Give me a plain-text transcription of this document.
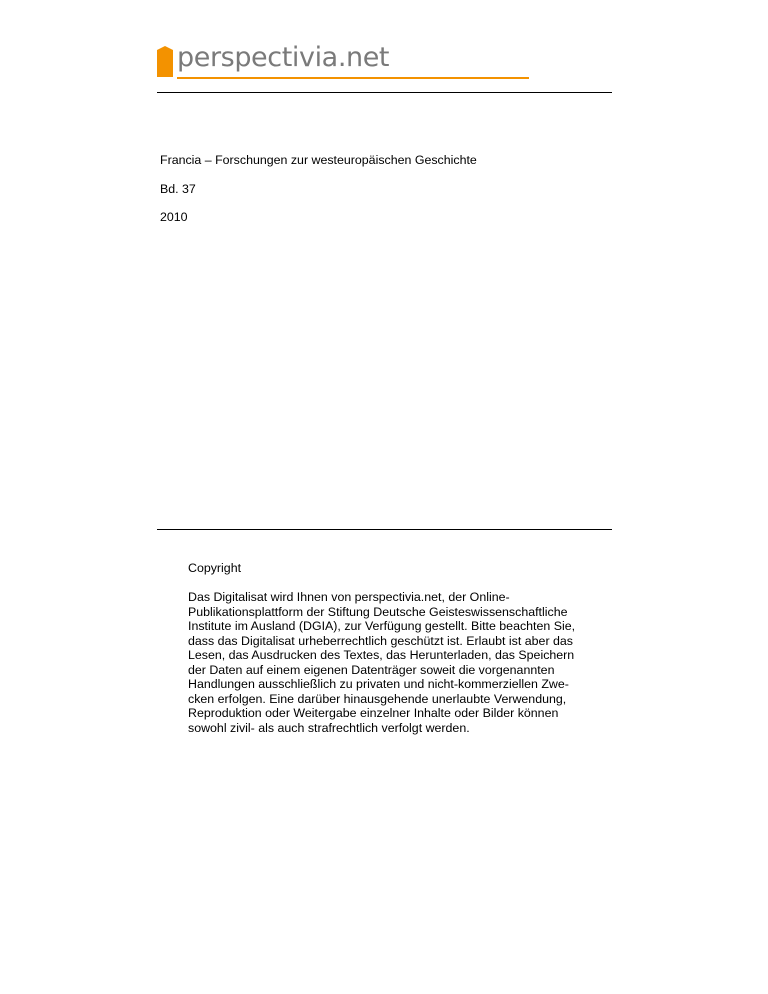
perspectivia.net
Francia – Forschungen zur westeuropäischen Geschichte
Bd. 37
2010
Copyright
Das Digitalisat wird Ihnen von perspectivia.net, der Online-
Publikationsplattform der Stiftung Deutsche Geisteswissenschaftliche
Institute im Ausland (DGIA), zur Verfügung gestellt. Bitte beachten Sie,
dass das Digitalisat urheberrechtlich geschützt ist. Erlaubt ist aber das
Lesen, das Ausdrucken des Textes, das Herunterladen, das Speichern
der Daten auf einem eigenen Datenträger soweit die vorgenannten
Handlungen ausschließlich zu privaten und nicht-kommerziellen Zwe-
cken erfolgen. Eine darüber hinausgehende unerlaubte Verwendung,
Reproduktion oder Weitergabe einzelner Inhalte oder Bilder können
sowohl zivil- als auch strafrechtlich verfolgt werden.
